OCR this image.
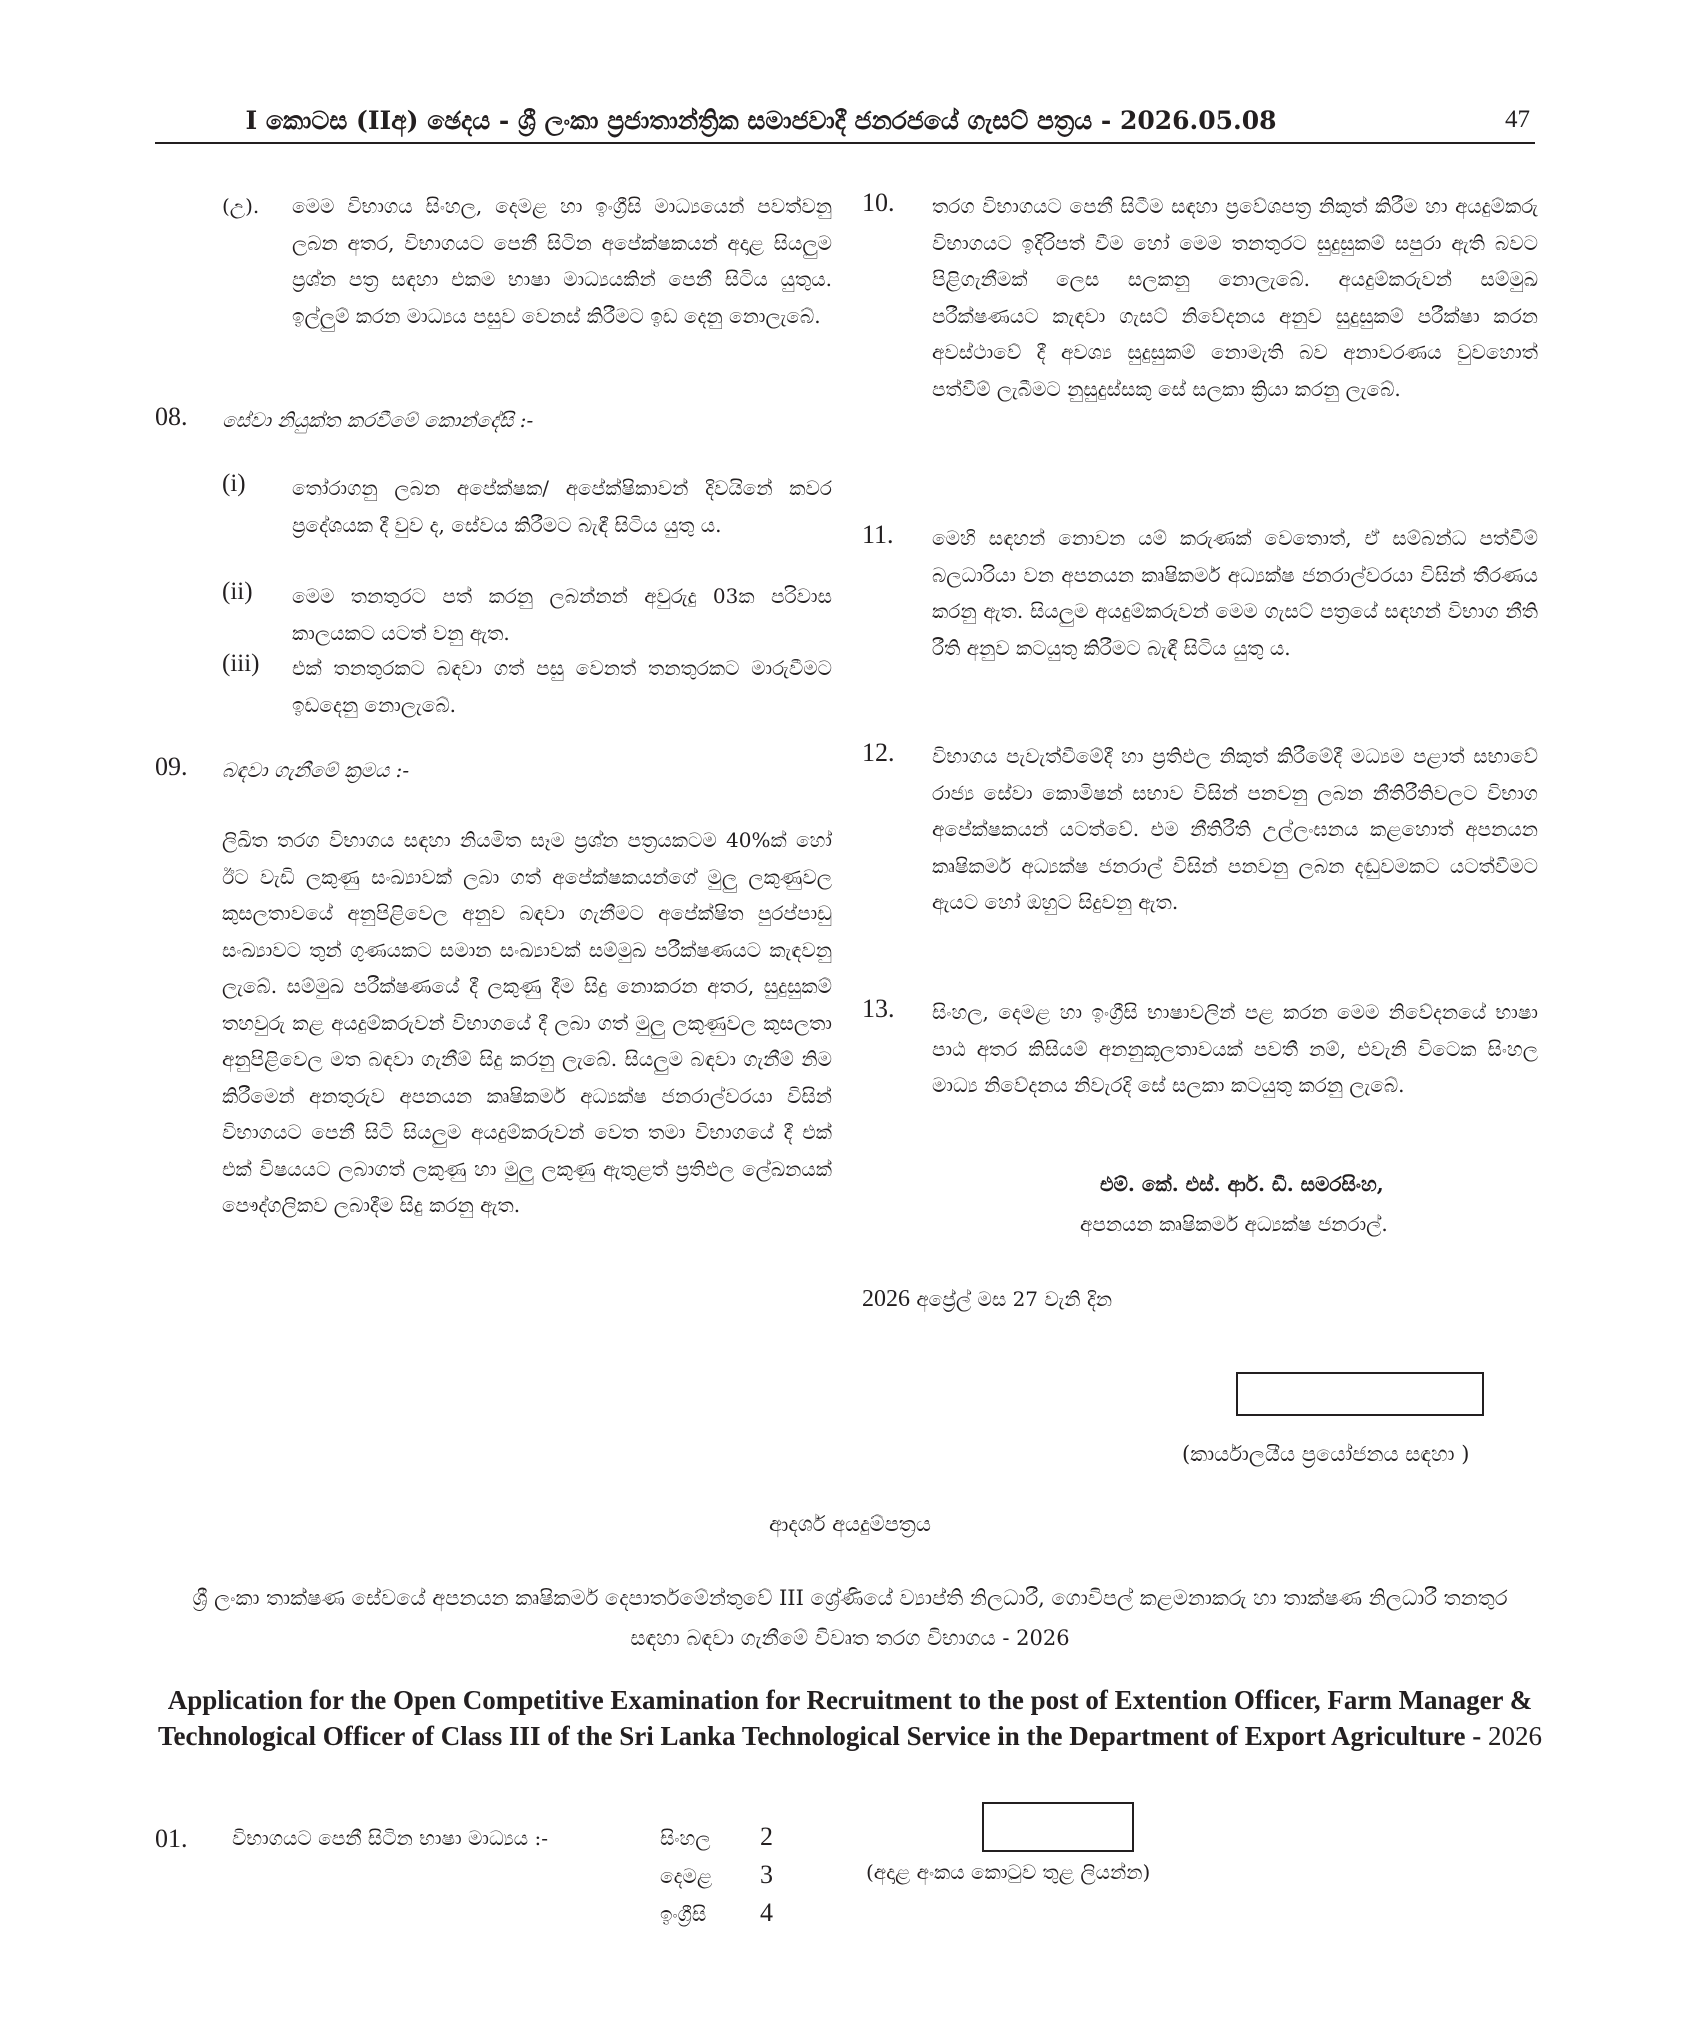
I කොටස (IIඅ) ඡෙදය - ශ්‍රී ලංකා ප්‍රජාතාන්ත්‍රික සමාජවාදී ජනරජයේ ගැසට් පත්‍රය - 2026.05.08	47
(උ). මෙම විභාගය සිංහල, දෙමළ හා ඉංග්‍රීසි මාධ්‍යයෙන් පවත්වනු ලබන අතර, විභාගයට පෙනී සිටින අපේක්ෂකයන් අදාළ සියලුම ප්‍රශ්න පත්‍ර සඳහා එකම භාෂා මාධ්‍යයකින් පෙනී සිටිය යුතුය. ඉල්ලුම් කරන මාධ්‍යය පසුව වෙනස් කිරීමට ඉඩ දෙනු නොලැබේ.
08. සේවා නියුක්ත කරවීමේ කොන්දේසි :-
(i) තෝරාගනු ලබන අපේක්ෂක/ අපේක්ෂිකාවන් දිවයිනේ කවර ප්‍රදේශයක දී වුව ද, සේවය කිරීමට බැඳී සිටිය යුතු ය.
(ii) මෙම තනතුරට පත් කරනු ලබන්නන් අවුරුදු 03ක පරිවාස කාලයකට යටත් වනු ඇත.
(iii) එක් තනතුරකට බඳවා ගත් පසු වෙනත් තනතුරකට මාරුවීමට ඉඩදෙනු නොලැබේ.
09. බඳවා ගැනීමේ ක්‍රමය :-
ලිඛිත තරග විභාගය සඳහා නියමිත සෑම ප්‍රශ්න පත්‍රයකටම 40%ක් හෝ ඊට වැඩි ලකුණු සංඛ්‍යාවක් ලබා ගත් අපේක්ෂකයන්ගේ මුලු ලකුණුවල කුසලතාවයේ අනුපිළිවෙල අනුව බඳවා ගැනීමට අපේක්ෂිත පුරප්පාඩු සංඛ්‍යාවට තුන් ගුණයකට සමාන සංඛ්‍යාවක් සම්මුඛ පරීක්ෂණයට කැඳවනු ලැබේ. සම්මුඛ පරීක්ෂණයේ දී ලකුණු දීම සිදු නොකරන අතර, සුදුසුකම් තහවුරු කළ අයදුම්කරුවන් විභාගයේ දී ලබා ගත් මුලු ලකුණුවල කුසලතා අනුපිළිවෙල මත බඳවා ගැනීම් සිදු කරනු ලැබේ. සියලුම බඳවා ගැනීම් නිම කිරීමෙන් අනතුරුව අපනයන කෘෂිකර්ම අධ්‍යක්ෂ ජනරාල්වරයා විසින් විභාගයට පෙනී සිටි සියලුම අයදුම්කරුවන් වෙත තමා විභාගයේ දී එක් එක් විෂයයට ලබාගත් ලකුණු හා මුලු ලකුණු ඇතුළත් ප්‍රතිඵල ලේඛනයක් පෞද්ගලිකව ලබාදීම සිදු කරනු ඇත.
10. තරග විභාගයට පෙනී සිටීම සඳහා ප්‍රවේශපත්‍ර නිකුත් කිරීම හා අයදුම්කරු විභාගයට ඉදිරිපත් වීම හෝ මෙම තනතුරට සුදුසුකම් සපුරා ඇති බවට පිළිගැනීමක් ලෙස සලකනු නොලැබේ. අයදුම්කරුවන් සම්මුඛ පරීක්ෂණයට කැඳවා ගැසට් නිවේදනය අනුව සුදුසුකම් පරීක්ෂා කරන අවස්ථාවේ දී අවශ්‍ය සුදුසුකම් නොමැති බව අනාවරණය වුවහොත් පත්වීම් ලැබීමට නුසුදුස්සකු සේ සලකා ක්‍රියා කරනු ලැබේ.
11. මෙහි සඳහන් නොවන යම් කරුණක් වෙතොත්, ඒ සම්බන්ධ පත්වීම් බලධාරියා වන අපනයන කෘෂිකර්ම අධ්‍යක්ෂ ජනරාල්වරයා විසින් තීරණය කරනු ඇත. සියලුම අයදුම්කරුවන් මෙම ගැසට් පත්‍රයේ සඳහන් විභාග නීති රීති අනුව කටයුතු කිරීමට බැඳී සිටිය යුතු ය.
12. විභාගය පැවැත්වීමේදී හා ප්‍රතිඵල නිකුත් කිරීමේදී මධ්‍යම පළාත් සභාවේ රාජ්‍ය සේවා කොමිෂන් සභාව විසින් පනවනු ලබන නීතිරීතිවලට විභාග අපේක්ෂකයන් යටත්වේ. එම නීතිරීති උල්ලංඝනය කළහොත් අපනයන කෘෂිකර්ම අධ්‍යක්ෂ ජනරාල් විසින් පනවනු ලබන දඬුවමකට යටත්වීමට ඇයට හෝ ඔහුට සිදුවනු ඇත.
13. සිංහල, දෙමළ හා ඉංග්‍රීසි භාෂාවලින් පළ කරන මෙම නිවේදනයේ භාෂා පාඨ අතර කිසියම් අනනුකූලතාවයක් පවතී නම්, එවැනි විටෙක සිංහල මාධ්‍ය නිවේදනය නිවැරදි සේ සලකා කටයුතු කරනු ලැබේ.
එම්. කේ. එස්. ආර්. ඩී. සමරසිංහ,
අපනයන කෘෂිකර්ම අධ්‍යක්ෂ ජනරාල්.
2026 අප්‍රේල් මස 27 වැනි දින
(කාර්යාලයීය ප්‍රයෝජනය සඳහා )
ආදර්ශ අයදුම්පත්‍රය
ශ්‍රී ලංකා තාක්ෂණ සේවයේ අපනයන කෘෂිකර්ම දෙපාර්තමේන්තුවේ III ශ්‍රේණියේ ව්‍යාප්ති නිලධාරී, ගොවිපල් කළමනාකරු හා තාක්ෂණ නිලධාරී තනතුර සඳහා බඳවා ගැනීමේ විවෘත තරග විභාගය - 2026
Application for the Open Competitive Examination for Recruitment to the post of Extention Officer, Farm Manager & Technological Officer of Class III of the Sri Lanka Technological Service in the Department of Export Agriculture - 2026
01. විභාගයට පෙනී සිටින භාෂා මාධ්‍යය :-	සිංහල 2
දෙමළ 3
ඉංග්‍රීසි 4
(අදාළ අංකය කොටුව තුළ ලියන්න)
